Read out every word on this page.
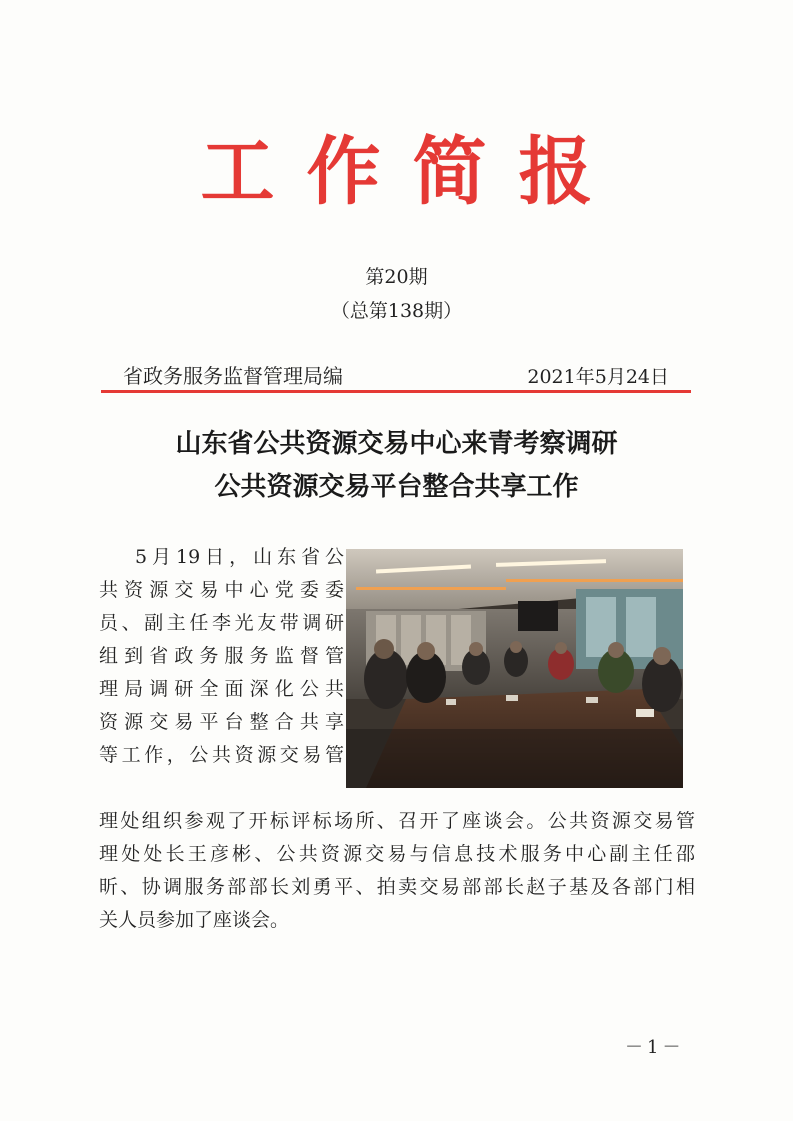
工作简报
第20期
（总第138期）
省政务服务监督管理局编	2021年5月24日
山东省公共资源交易中心来青考察调研
公共资源交易平台整合共享工作

5月19日，山东省公

共资源交易中心党委委

员、副主任李光友带调研

组到省政务服务监督管

理局调研全面深化公共

资源交易平台整合共享

等工作，公共资源交易管

理处组织参观了开标评标场所、召开了座谈会。公共资源交易管

理处处长王彦彬、公共资源交易与信息技术服务中心副主任邵

昕、协调服务部部长刘勇平、拍卖交易部部长赵子基及各部门相

关人员参加了座谈会。

－1－
